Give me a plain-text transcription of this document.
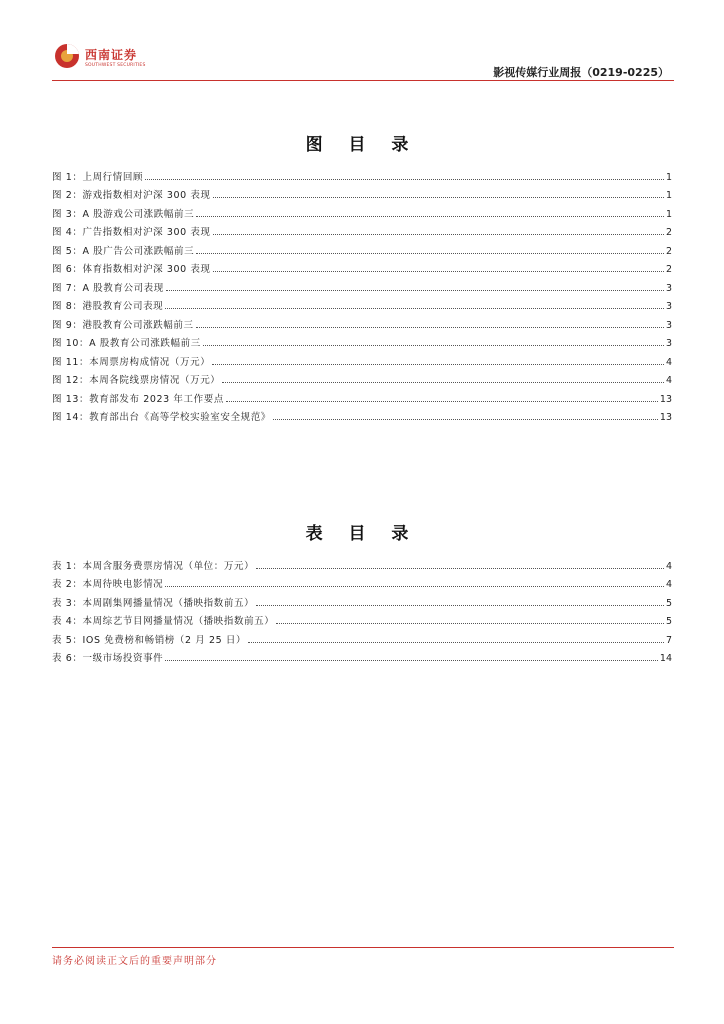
西南证券
SOUTHWEST SECURITIES
影视传媒行业周报（0219-0225）
图 目 录
图 1：上周行情回顾	1
图 2：游戏指数相对沪深 300 表现	1
图 3：A 股游戏公司涨跌幅前三	1
图 4：广告指数相对沪深 300 表现	2
图 5：A 股广告公司涨跌幅前三	2
图 6：体育指数相对沪深 300 表现	2
图 7：A 股教育公司表现	3
图 8：港股教育公司表现	3
图 9：港股教育公司涨跌幅前三	3
图 10：A 股教育公司涨跌幅前三	3
图 11：本周票房构成情况（万元）	4
图 12：本周各院线票房情况（万元）	4
图 13：教育部发布 2023 年工作要点	13
图 14：教育部出台《高等学校实验室安全规范》	13
表 目 录
表 1：本周含服务费票房情况（单位：万元）	4
表 2：本周待映电影情况	4
表 3：本周剧集网播量情况（播映指数前五）	5
表 4：本周综艺节目网播量情况（播映指数前五）	5
表 5：IOS 免费榜和畅销榜（2 月 25 日）	7
表 6：一级市场投资事件	14
请务必阅读正文后的重要声明部分
